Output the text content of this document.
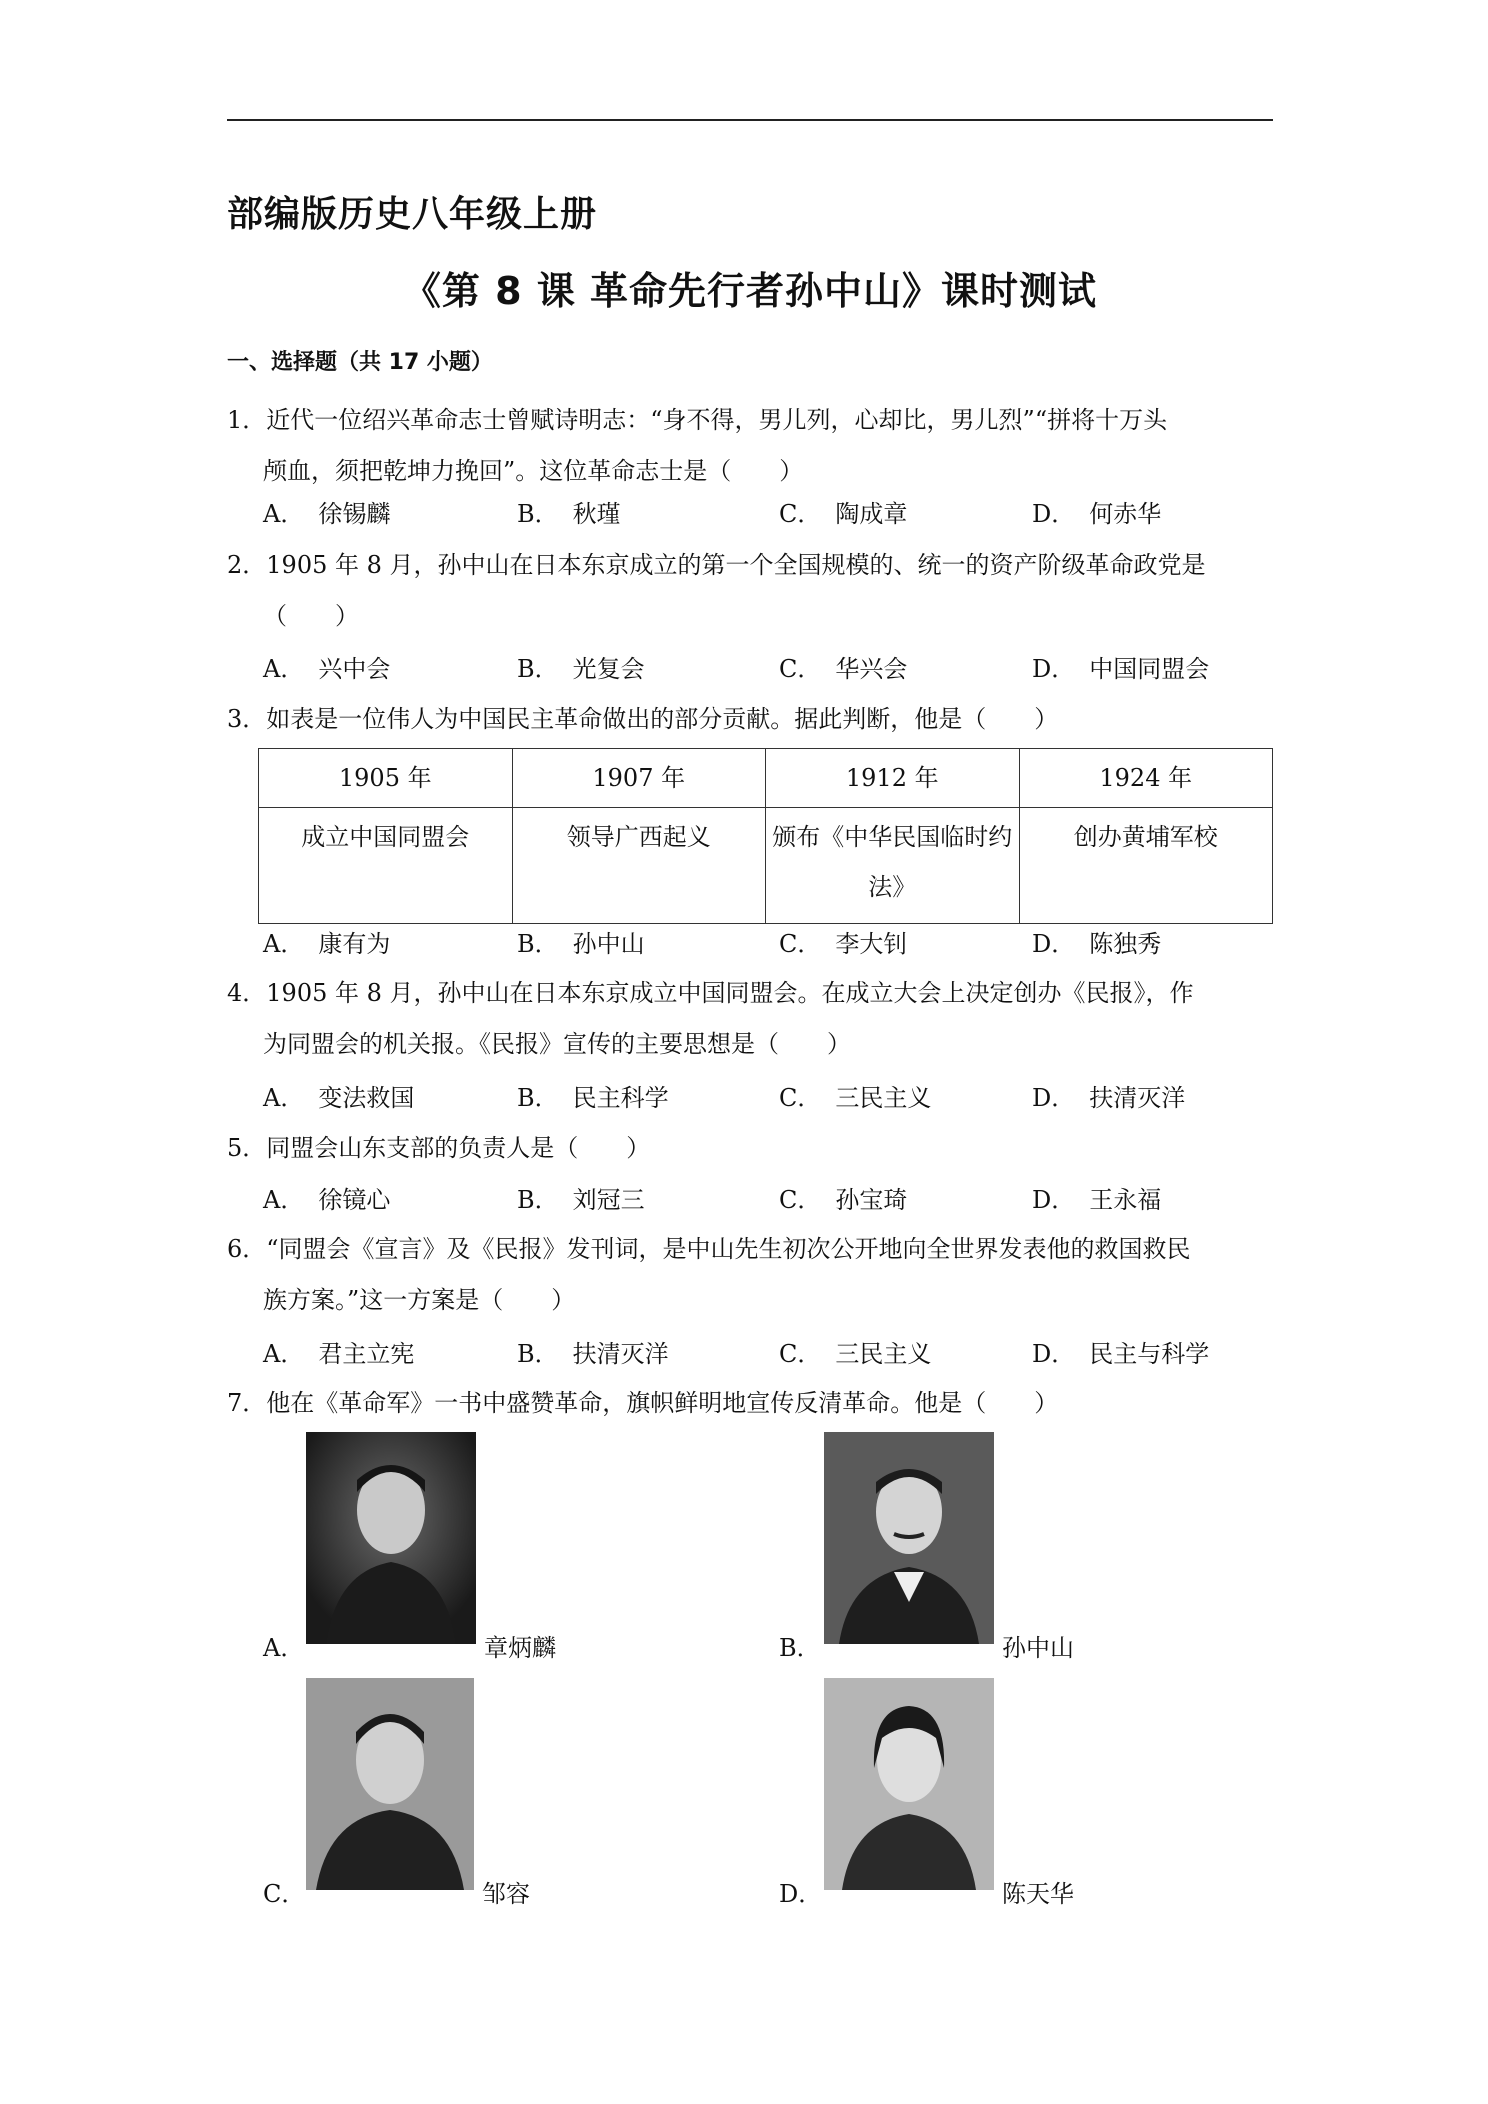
部编版历史八年级上册
《第 8 课 革命先行者孙中山》课时测试
一、选择题（共 17 小题）
1．近代一位绍兴革命志士曾赋诗明志：“身不得，男儿列，心却比，男儿烈”“拼将十万头
颅血，须把乾坤力挽回”。这位革命志士是（　　）
A． 徐锡麟	B． 秋瑾	C． 陶成章	D． 何赤华
2．1905 年 8 月，孙中山在日本东京成立的第一个全国规模的、统一的资产阶级革命政党是
（　　）
A． 兴中会	B． 光复会	C． 华兴会	D． 中国同盟会
3．如表是一位伟人为中国民主革命做出的部分贡献。据此判断，他是（　　）
1905 年	1907 年	1912 年	1924 年
成立中国同盟会	领导广西起义	颁布《中华民国临时约法》	创办黄埔军校
A． 康有为	B． 孙中山	C． 李大钊	D． 陈独秀
4．1905 年 8 月，孙中山在日本东京成立中国同盟会。在成立大会上决定创办《民报》，作
为同盟会的机关报。《民报》宣传的主要思想是（　　）
A． 变法救国	B． 民主科学	C． 三民主义	D． 扶清灭洋
5．同盟会山东支部的负责人是（　　）
A． 徐镜心	B． 刘冠三	C． 孙宝琦	D． 王永福
6．“同盟会《宣言》及《民报》发刊词，是中山先生初次公开地向全世界发表他的救国救民
族方案。”这一方案是（　　）
A． 君主立宪	B． 扶清灭洋	C． 三民主义	D． 民主与科学
7．他在《革命军》一书中盛赞革命，旗帜鲜明地宣传反清革命。他是（　　）
A．	章炳麟	B．	孙中山
C．	邹容	D．	陈天华
